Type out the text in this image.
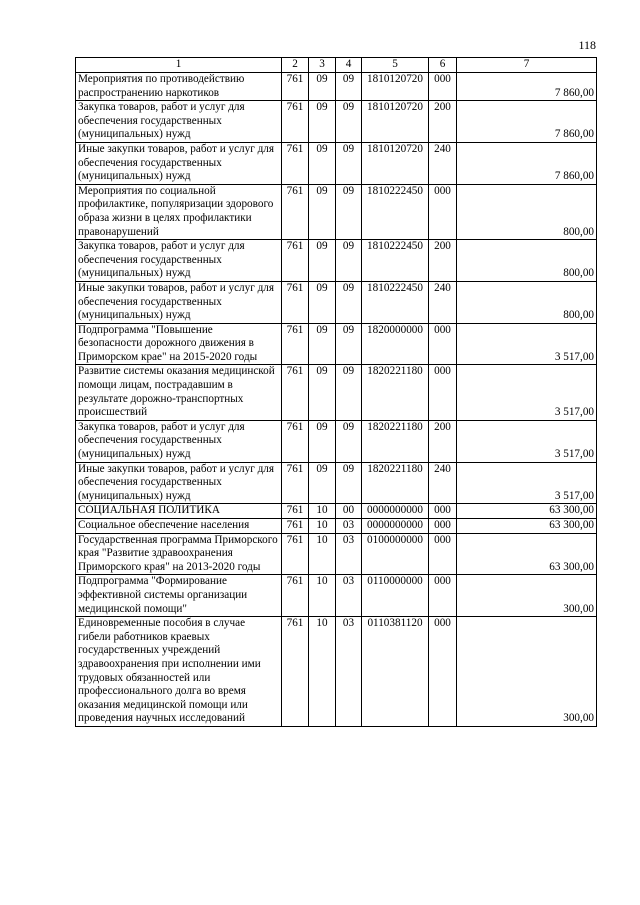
118
1	2	3	4	5	6	7
Мероприятия по противодействию распространению наркотиков	761	09	09	1810120720	000	7 860,00
Закупка товаров, работ и услуг для обеспечения государственных (муниципальных) нужд	761	09	09	1810120720	200	7 860,00
Иные закупки товаров, работ и услуг для обеспечения государственных (муниципальных) нужд	761	09	09	1810120720	240	7 860,00
Мероприятия по социальной профилактике, популяризации здорового образа жизни в целях профилактики правонарушений	761	09	09	1810222450	000	800,00
Закупка товаров, работ и услуг для обеспечения государственных (муниципальных) нужд	761	09	09	1810222450	200	800,00
Иные закупки товаров, работ и услуг для обеспечения государственных (муниципальных) нужд	761	09	09	1810222450	240	800,00
Подпрограмма "Повышение безопасности дорожного движения в Приморском крае" на 2015-2020 годы	761	09	09	1820000000	000	3 517,00
Развитие системы оказания медицинской помощи лицам, пострадавшим в результате дорожно-транспортных происшествий	761	09	09	1820221180	000	3 517,00
Закупка товаров, работ и услуг для обеспечения государственных (муниципальных) нужд	761	09	09	1820221180	200	3 517,00
Иные закупки товаров, работ и услуг для обеспечения государственных (муниципальных) нужд	761	09	09	1820221180	240	3 517,00
СОЦИАЛЬНАЯ ПОЛИТИКА	761	10	00	0000000000	000	63 300,00
Социальное обеспечение населения	761	10	03	0000000000	000	63 300,00
Государственная программа Приморского края "Развитие здравоохранения Приморского края" на 2013-2020 годы	761	10	03	0100000000	000	63 300,00
Подпрограмма "Формирование эффективной системы организации медицинской помощи"	761	10	03	0110000000	000	300,00
Единовременные пособия в случае гибели работников краевых государственных учреждений здравоохранения при исполнении ими трудовых обязанностей или профессионального долга во время оказания медицинской помощи или проведения научных исследований	761	10	03	0110381120	000	300,00
